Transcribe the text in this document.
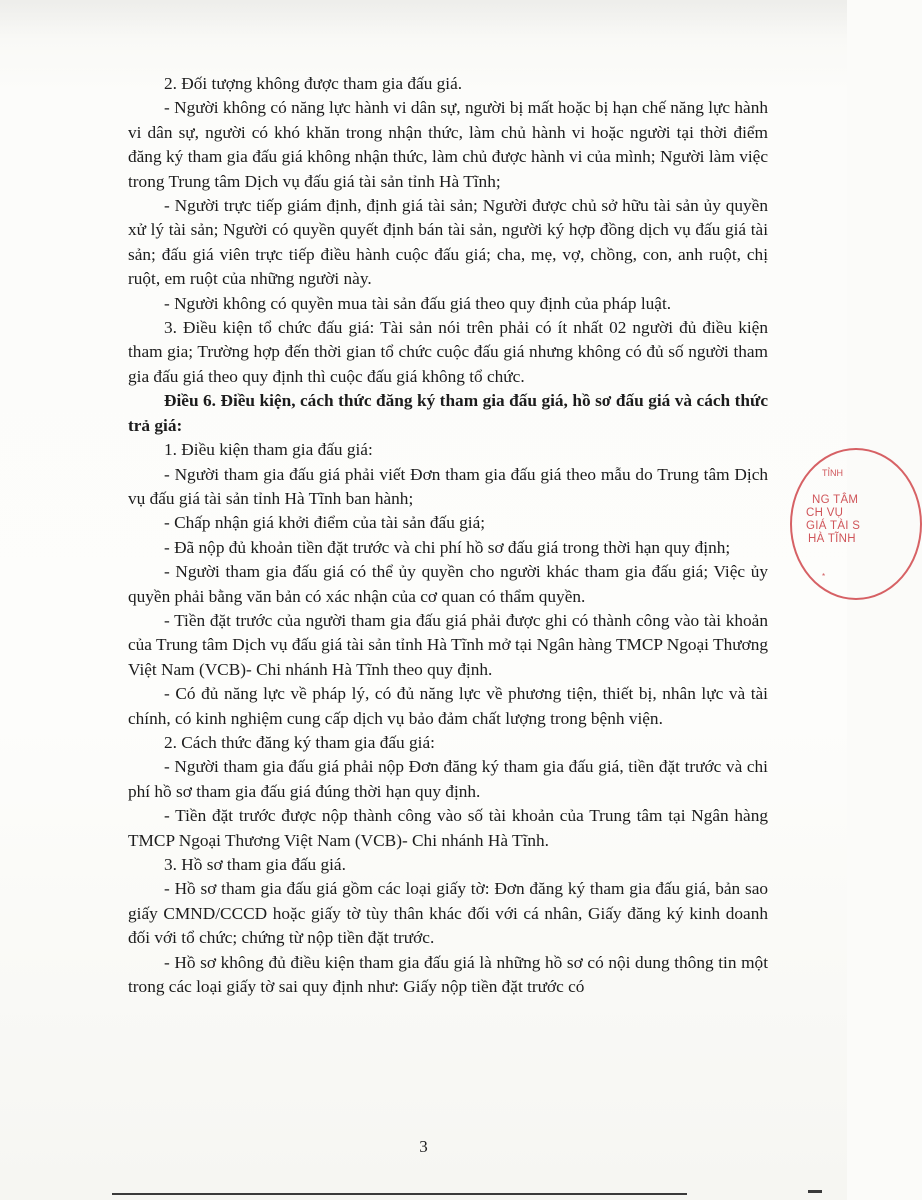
2. Đối tượng không được tham gia đấu giá.

- Người không có năng lực hành vi dân sự, người bị mất hoặc bị hạn chế năng lực hành vi dân sự, người có khó khăn trong nhận thức, làm chủ hành vi hoặc người tại thời điểm đăng ký tham gia đấu giá không nhận thức, làm chủ được hành vi của mình; Người làm việc trong Trung tâm Dịch vụ đấu giá tài sản tỉnh Hà Tĩnh;

- Người trực tiếp giám định, định giá tài sản; Người được chủ sở hữu tài sản ủy quyền xử lý tài sản; Người có quyền quyết định bán tài sản, người ký hợp đồng dịch vụ đấu giá tài sản; đấu giá viên trực tiếp điều hành cuộc đấu giá; cha, mẹ, vợ, chồng, con, anh ruột, chị ruột, em ruột của những người này.

- Người không có quyền mua tài sản đấu giá theo quy định của pháp luật.

3. Điều kiện tổ chức đấu giá: Tài sản nói trên phải có ít nhất 02 người đủ điều kiện tham gia; Trường hợp đến thời gian tổ chức cuộc đấu giá nhưng không có đủ số người tham gia đấu giá theo quy định thì cuộc đấu giá không tổ chức.

Điều 6. Điều kiện, cách thức đăng ký tham gia đấu giá, hồ sơ đấu giá và cách thức trả giá:

1. Điều kiện tham gia đấu giá:

- Người tham gia đấu giá phải viết Đơn tham gia đấu giá theo mẫu do Trung tâm Dịch vụ đấu giá tài sản tỉnh Hà Tĩnh ban hành;

- Chấp nhận giá khởi điểm của tài sản đấu giá;

- Đã nộp đủ khoản tiền đặt trước và chi phí hồ sơ đấu giá trong thời hạn quy định;

- Người tham gia đấu giá có thể ủy quyền cho người khác tham gia đấu giá; Việc ủy quyền phải bằng văn bản có xác nhận của cơ quan có thẩm quyền.

- Tiền đặt trước của người tham gia đấu giá phải được ghi có thành công vào tài khoản của Trung tâm Dịch vụ đấu giá tài sản tỉnh Hà Tĩnh mở tại Ngân hàng TMCP Ngoại Thương Việt Nam (VCB)- Chi nhánh Hà Tĩnh theo quy định.

- Có đủ năng lực về pháp lý, có đủ năng lực về phương tiện, thiết bị, nhân lực và tài chính, có kinh nghiệm cung cấp dịch vụ bảo đảm chất lượng trong bệnh viện.

2. Cách thức đăng ký tham gia đấu giá:

- Người tham gia đấu giá phải nộp Đơn đăng ký tham gia đấu giá, tiền đặt trước và chi phí hồ sơ tham gia đấu giá đúng thời hạn quy định.

- Tiền đặt trước được nộp thành công vào số tài khoản của Trung tâm tại Ngân hàng TMCP Ngoại Thương Việt Nam (VCB)- Chi nhánh Hà Tĩnh.

3. Hồ sơ tham gia đấu giá.

- Hồ sơ tham gia đấu giá gồm các loại giấy tờ: Đơn đăng ký tham gia đấu giá, bản sao giấy CMND/CCCD hoặc giấy tờ tùy thân khác đối với cá nhân, Giấy đăng ký kinh doanh đối với tổ chức; chứng từ nộp tiền đặt trước.

- Hồ sơ không đủ điều kiện tham gia đấu giá là những hồ sơ có nội dung thông tin một trong các loại giấy tờ sai quy định như: Giấy nộp tiền đặt trước có

3
TỈNH
NG TÂM
CH VỤ
GIÁ TÀI S
HÀ TĨNH
*
